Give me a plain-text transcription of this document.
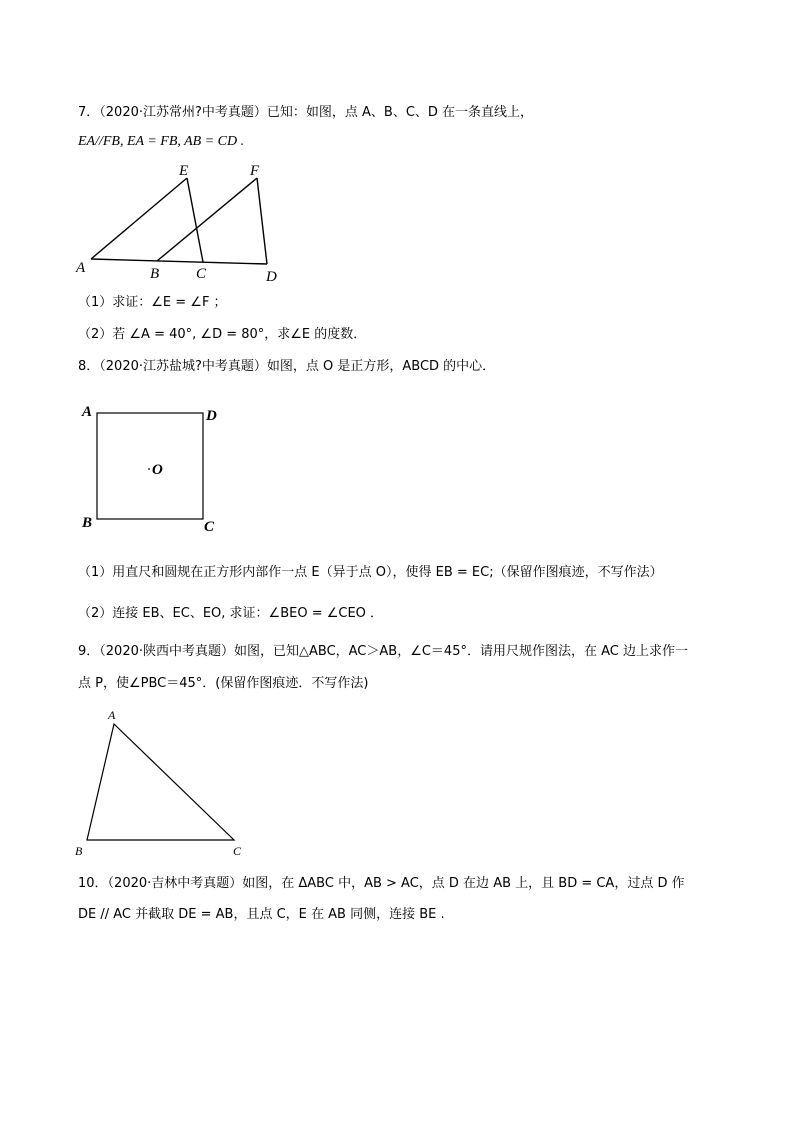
7．（2020·江苏常州?中考真题）已知：如图，点 A、B、C、D 在一条直线上，
EA//FB, EA = FB, AB = CD .
A	B C	D
E	F
（1）求证：∠E = ∠F ；
（2）若 ∠A = 40°, ∠D = 80°，求∠E 的度数．
8．（2020·江苏盐城?中考真题）如图，点 O 是正方形，ABCD 的中心．
A	D
B	C
O
（1）用直尺和圆规在正方形内部作一点 E（异于点 O），使得 EB = EC;（保留作图痕迹，不写作法）
（2）连接 EB、EC、EO, 求证：∠BEO = ∠CEO ．
9．（2020·陕西中考真题）如图，已知△ABC，AC＞AB，∠C＝45°．请用尺规作图法，在 AC 边上求作一
点 P，使∠PBC＝45°．(保留作图痕迹．不写作法)
A
B	C
10．（2020·吉林中考真题）如图，在 ΔABC 中，AB > AC，点 D 在边 AB 上，且 BD = CA，过点 D 作
DE // AC 并截取 DE = AB，且点 C，E 在 AB 同侧，连接 BE .
